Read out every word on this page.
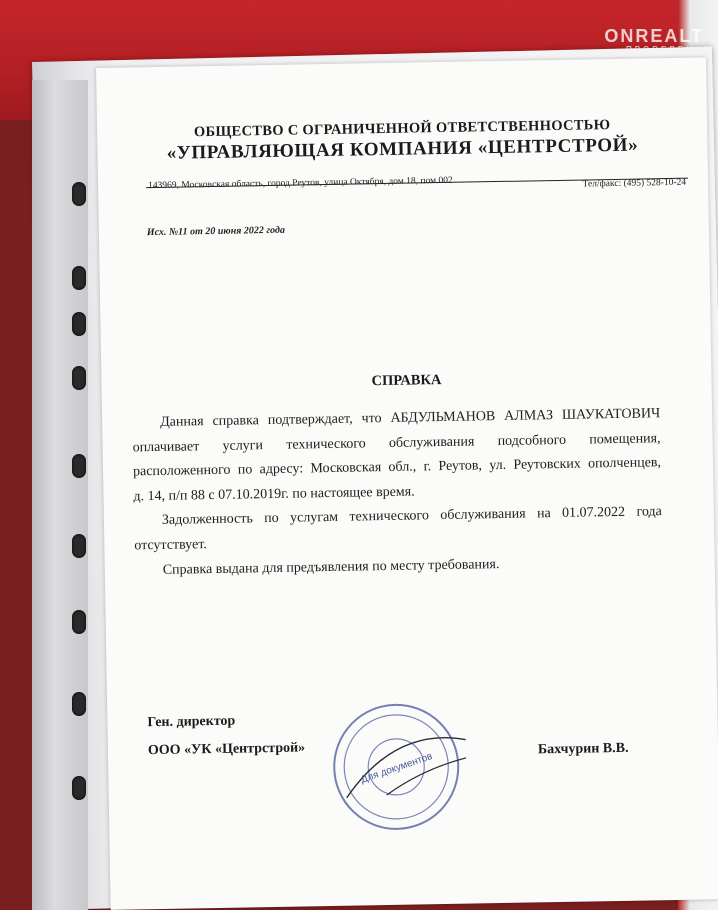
ONREALT
ОБЩЕСТВО С ОГРАНИЧЕННОЙ ОТВЕТСТВЕННОСТЬЮ
«УПРАВЛЯЮЩАЯ КОМПАНИЯ «ЦЕНТРСТРОЙ»
143969, Московская область, город Реутов, улица Октября, дом 18, пом.002	Тел/факс: (495) 528-10-24
Исх. №11 от 20 июня 2022 года
СПРАВКА
Данная справка подтверждает, что АБДУЛЬМАНОВ АЛМАЗ ШАУКАТОВИЧ
оплачивает услуги технического обслуживания подсобного помещения,
расположенного по адресу: Московская обл., г. Реутов, ул. Реутовских ополченцев,
д. 14, п/п 88 с 07.10.2019г. по настоящее время.
Задолженность по услугам технического обслуживания на 01.07.2022 года
отсутствует.
Справка выдана для предъявления по месту требования.
Ген. директор
ООО «УК «Центрстрой»	Бахчурин В.В.
Для документов
